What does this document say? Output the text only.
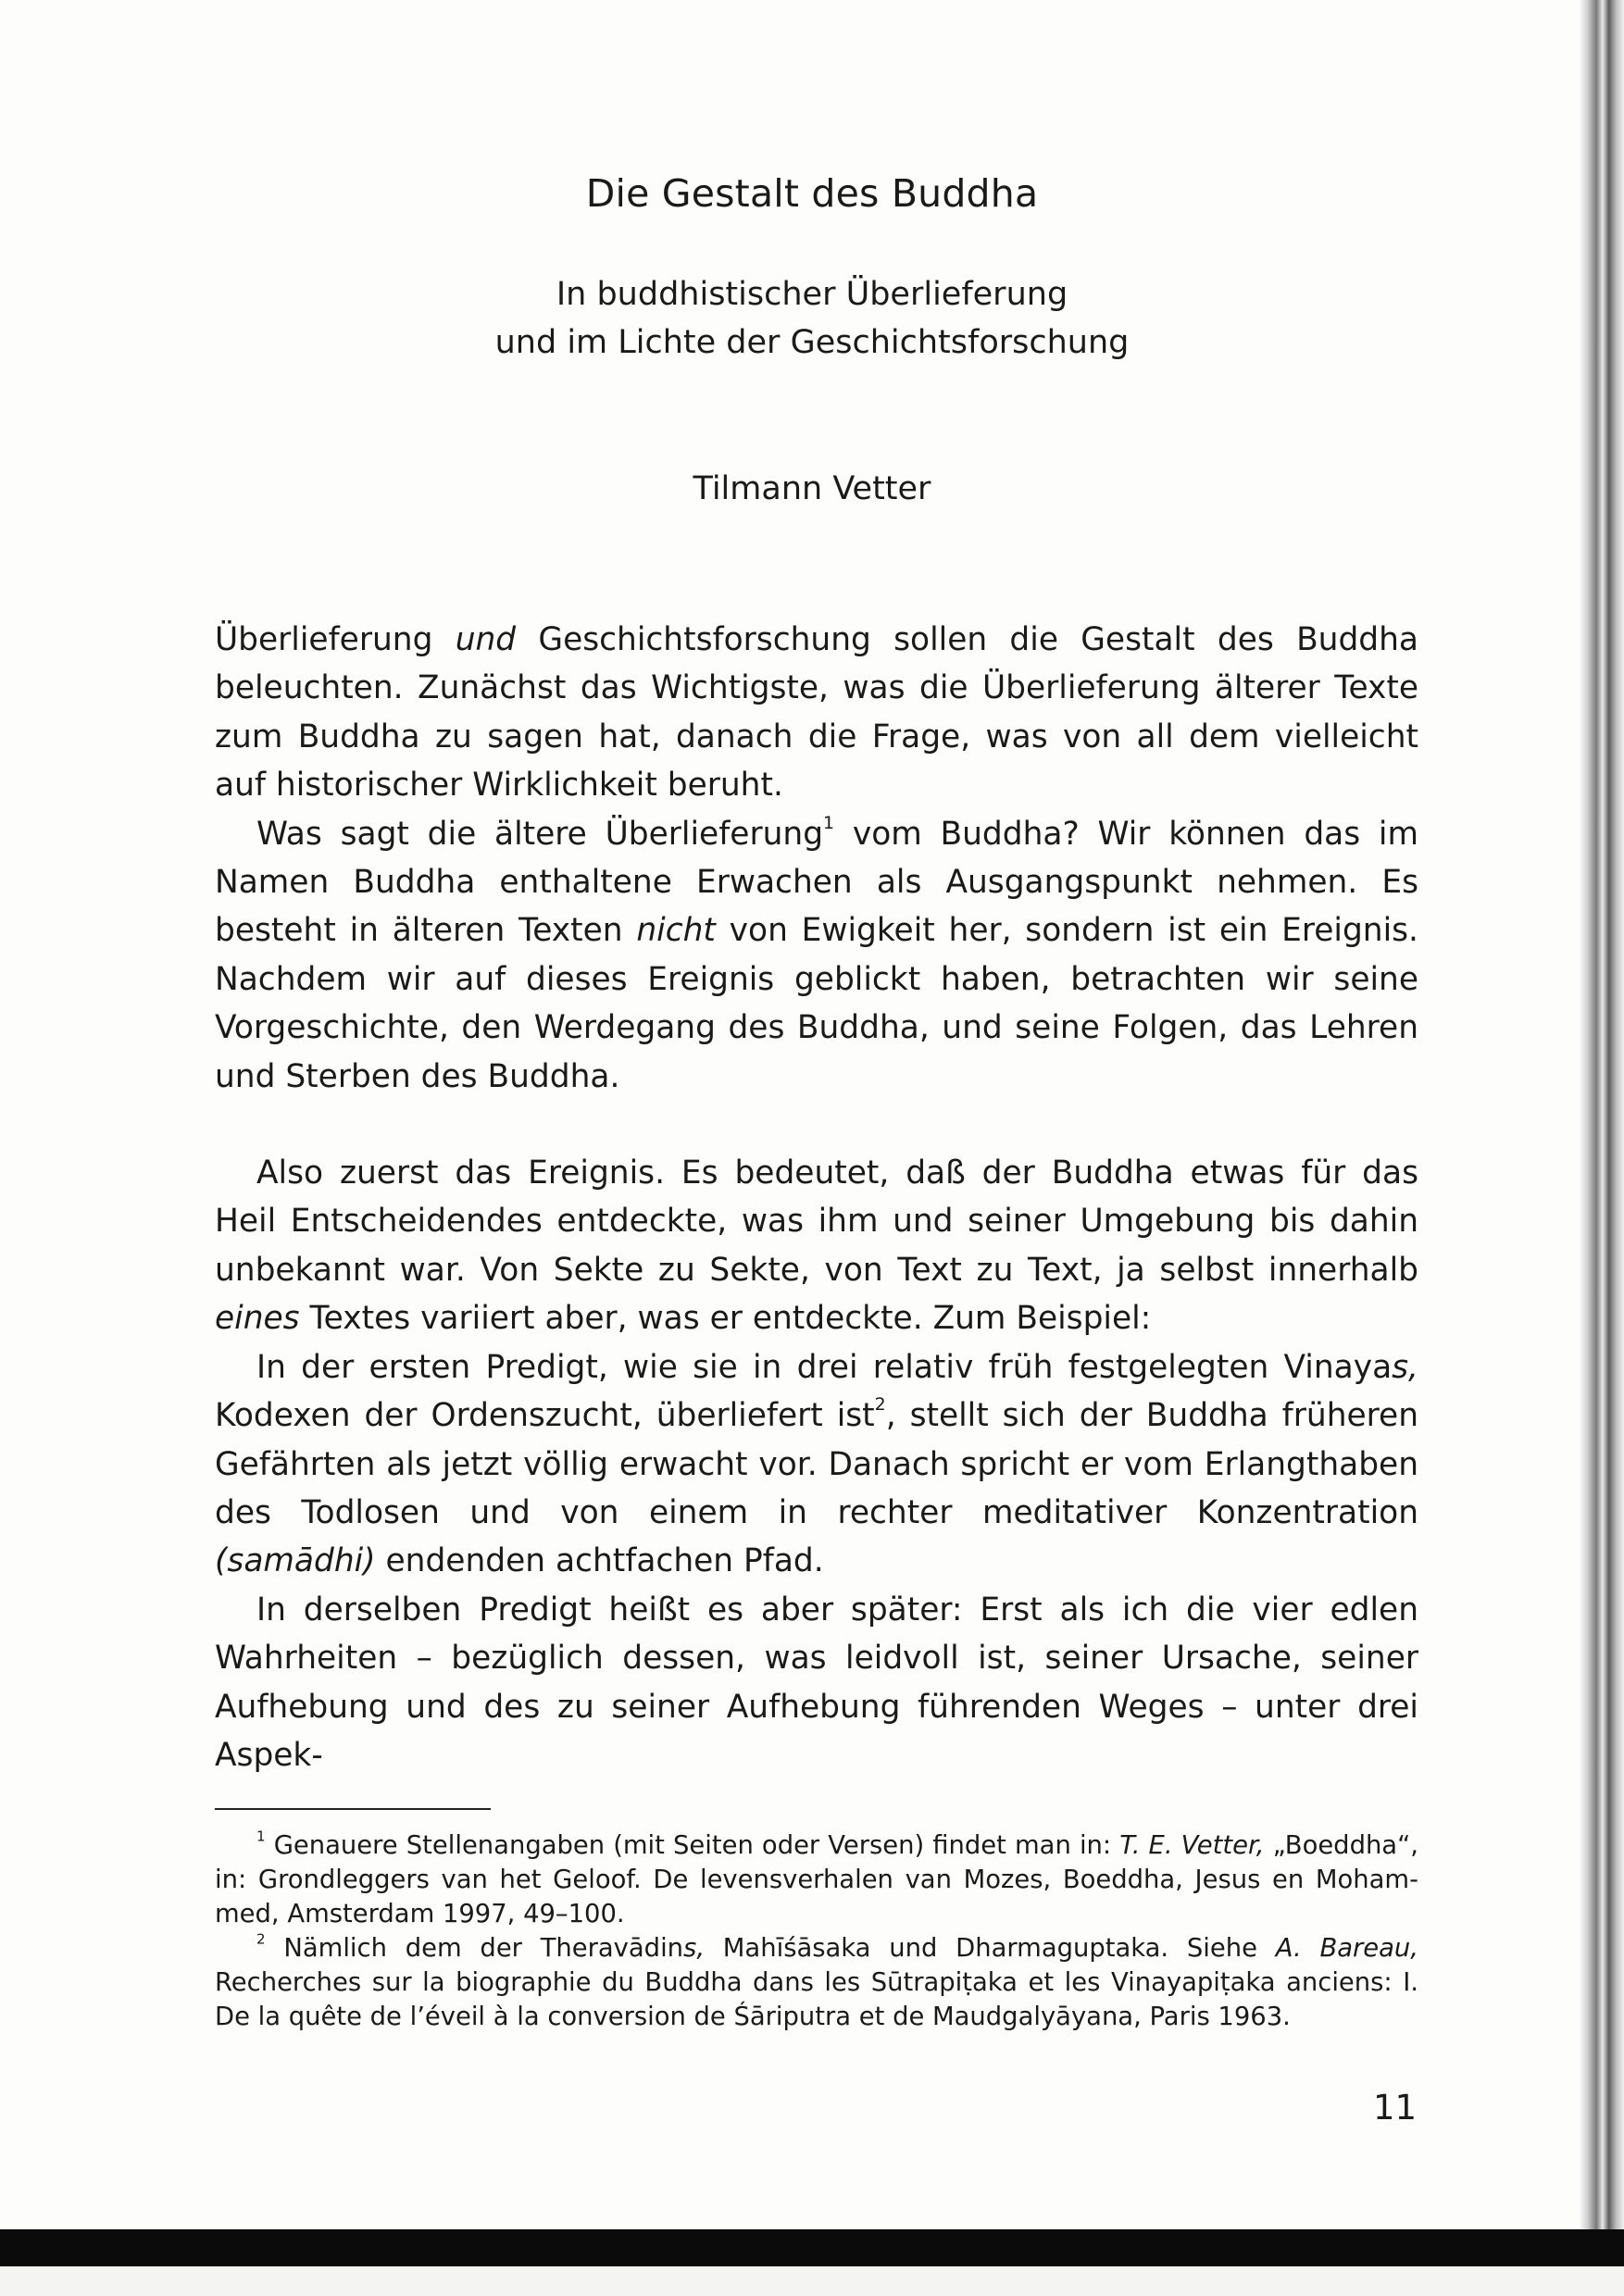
Die Gestalt des Buddha
In buddhistischer Überlieferung
und im Lichte der Geschichtsforschung
Tilmann Vetter

Überlieferung und Geschichtsforschung sollen die Gestalt des Buddha beleuchten. Zunächst das Wichtigste, was die Überlieferung älterer Texte zum Buddha zu sagen hat, danach die Frage, was von all dem vielleicht auf historischer Wirklichkeit beruht.

Was sagt die ältere Überlieferung$^1$ vom Buddha? Wir können das im Namen Buddha enthaltene Erwachen als Ausgangspunkt nehmen. Es besteht in älteren Texten nicht von Ewigkeit her, sondern ist ein Ereignis. Nachdem wir auf dieses Ereignis geblickt haben, betrachten wir seine Vorgeschichte, den Werdegang des Buddha, und seine Folgen, das Lehren und Sterben des Buddha.

Also zuerst das Ereignis. Es bedeutet, daß der Buddha etwas für das Heil Entscheidendes entdeckte, was ihm und seiner Umgebung bis dahin unbekannt war. Von Sekte zu Sekte, von Text zu Text, ja selbst innerhalb eines Textes variiert aber, was er entdeckte. Zum Beispiel:

In der ersten Predigt, wie sie in drei relativ früh festgelegten Vinayas, Kodexen der Ordenszucht, überliefert ist$^2$, stellt sich der Buddha früheren Gefährten als jetzt völlig erwacht vor. Danach spricht er vom Erlangthaben des Todlosen und von einem in rechter meditativer Konzentration (samādhi) endenden achtfachen Pfad.

In derselben Predigt heißt es aber später: Erst als ich die vier edlen Wahrheiten – bezüglich dessen, was leidvoll ist, seiner Ursache, seiner Aufhebung und des zu seiner Aufhebung führenden Weges – unter drei Aspek-

$^1$ Genauere Stellenangaben (mit Seiten oder Versen) findet man in: T. E. Vetter, „Boeddha“, in: Grondleggers van het Geloof. De levensverhalen van Mozes, Boeddha, Jesus en Mohammed, Amsterdam 1997, 49–100.

$^2$ Nämlich dem der Theravādins, Mahīśāsaka und Dharmaguptaka. Siehe A. Bareau, Recherches sur la biographie du Buddha dans les Sūtrapiṭaka et les Vinayapiṭaka anciens: I. De la quête de l’éveil à la conversion de Śāriputra et de Maudgalyāyana, Paris 1963.

11
